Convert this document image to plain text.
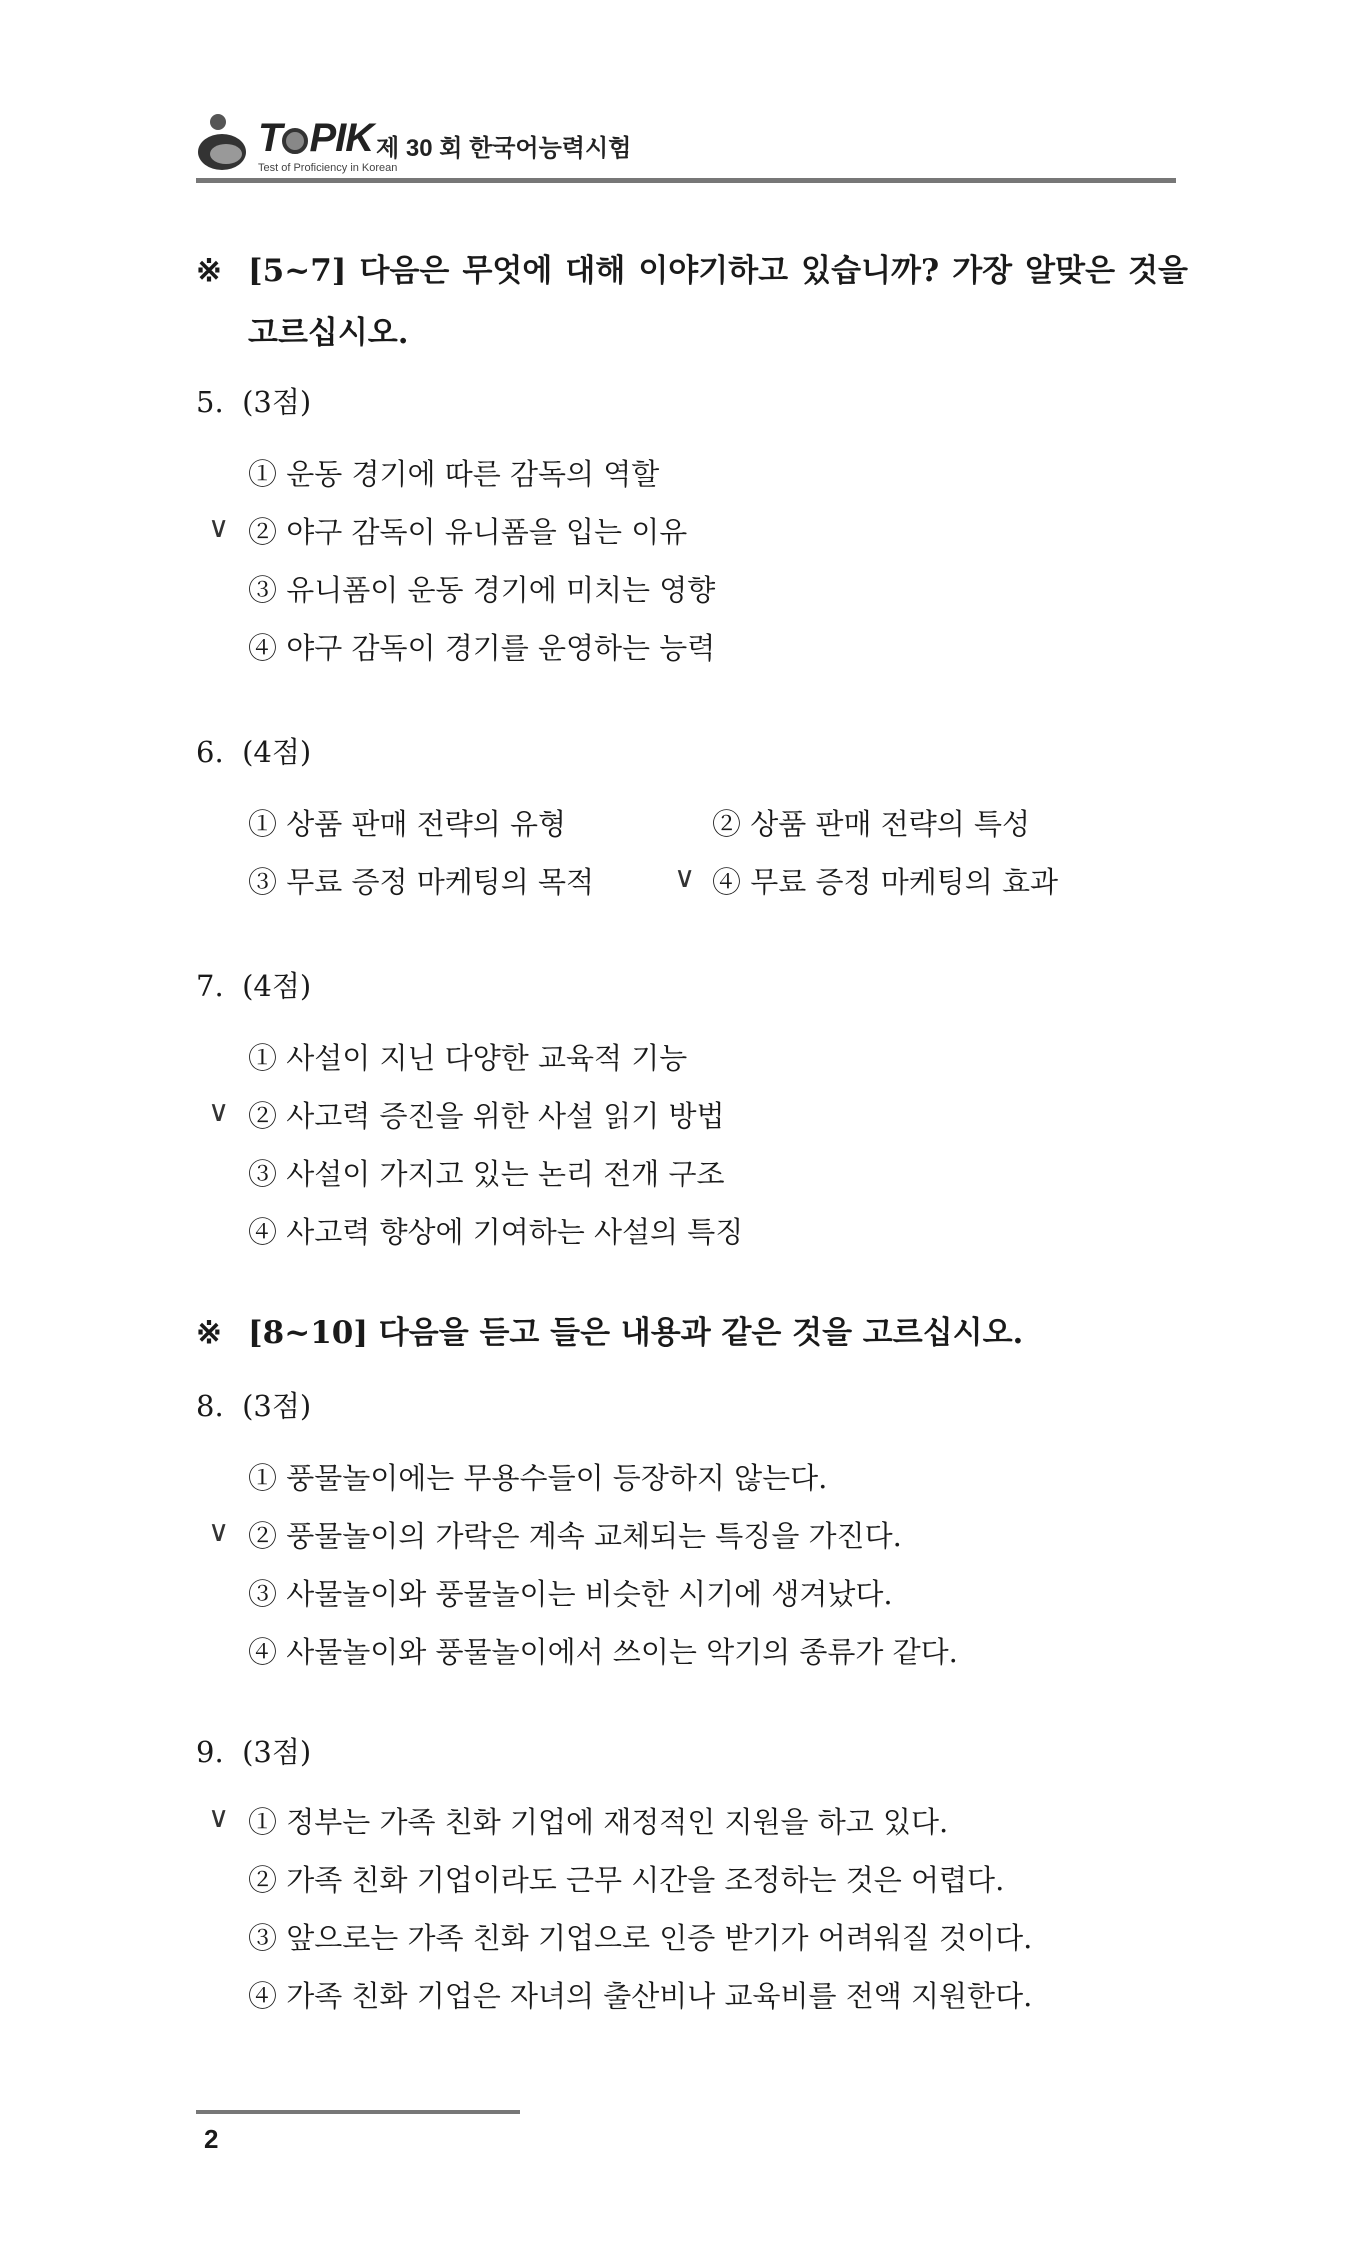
T PIK
Test of Proficiency in Korean
제 30 회 한국어능력시험
※ [5~7] 다음은 무엇에 대해 이야기하고 있습니까? 가장 알맞은 것을 고르십시오.
5. (3점)
∨
① 운동 경기에 따른 감독의 역할
② 야구 감독이 유니폼을 입는 이유
③ 유니폼이 운동 경기에 미치는 영향
④ 야구 감독이 경기를 운영하는 능력
6. (4점)
① 상품 판매 전략의 유형	② 상품 판매 전략의 특성
③ 무료 증정 마케팅의 목적	∨ ④ 무료 증정 마케팅의 효과
7. (4점)
① 사설이 지닌 다양한 교육적 기능
∨ ② 사고력 증진을 위한 사설 읽기 방법
③ 사설이 가지고 있는 논리 전개 구조
④ 사고력 향상에 기여하는 사설의 특징
※ [8~10] 다음을 듣고 들은 내용과 같은 것을 고르십시오.
8. (3점)
① 풍물놀이에는 무용수들이 등장하지 않는다.
∨ ② 풍물놀이의 가락은 계속 교체되는 특징을 가진다.
③ 사물놀이와 풍물놀이는 비슷한 시기에 생겨났다.
④ 사물놀이와 풍물놀이에서 쓰이는 악기의 종류가 같다.
9. (3점)
∨ ① 정부는 가족 친화 기업에 재정적인 지원을 하고 있다.
② 가족 친화 기업이라도 근무 시간을 조정하는 것은 어렵다.
③ 앞으로는 가족 친화 기업으로 인증 받기가 어려워질 것이다.
④ 가족 친화 기업은 자녀의 출산비나 교육비를 전액 지원한다.
2
